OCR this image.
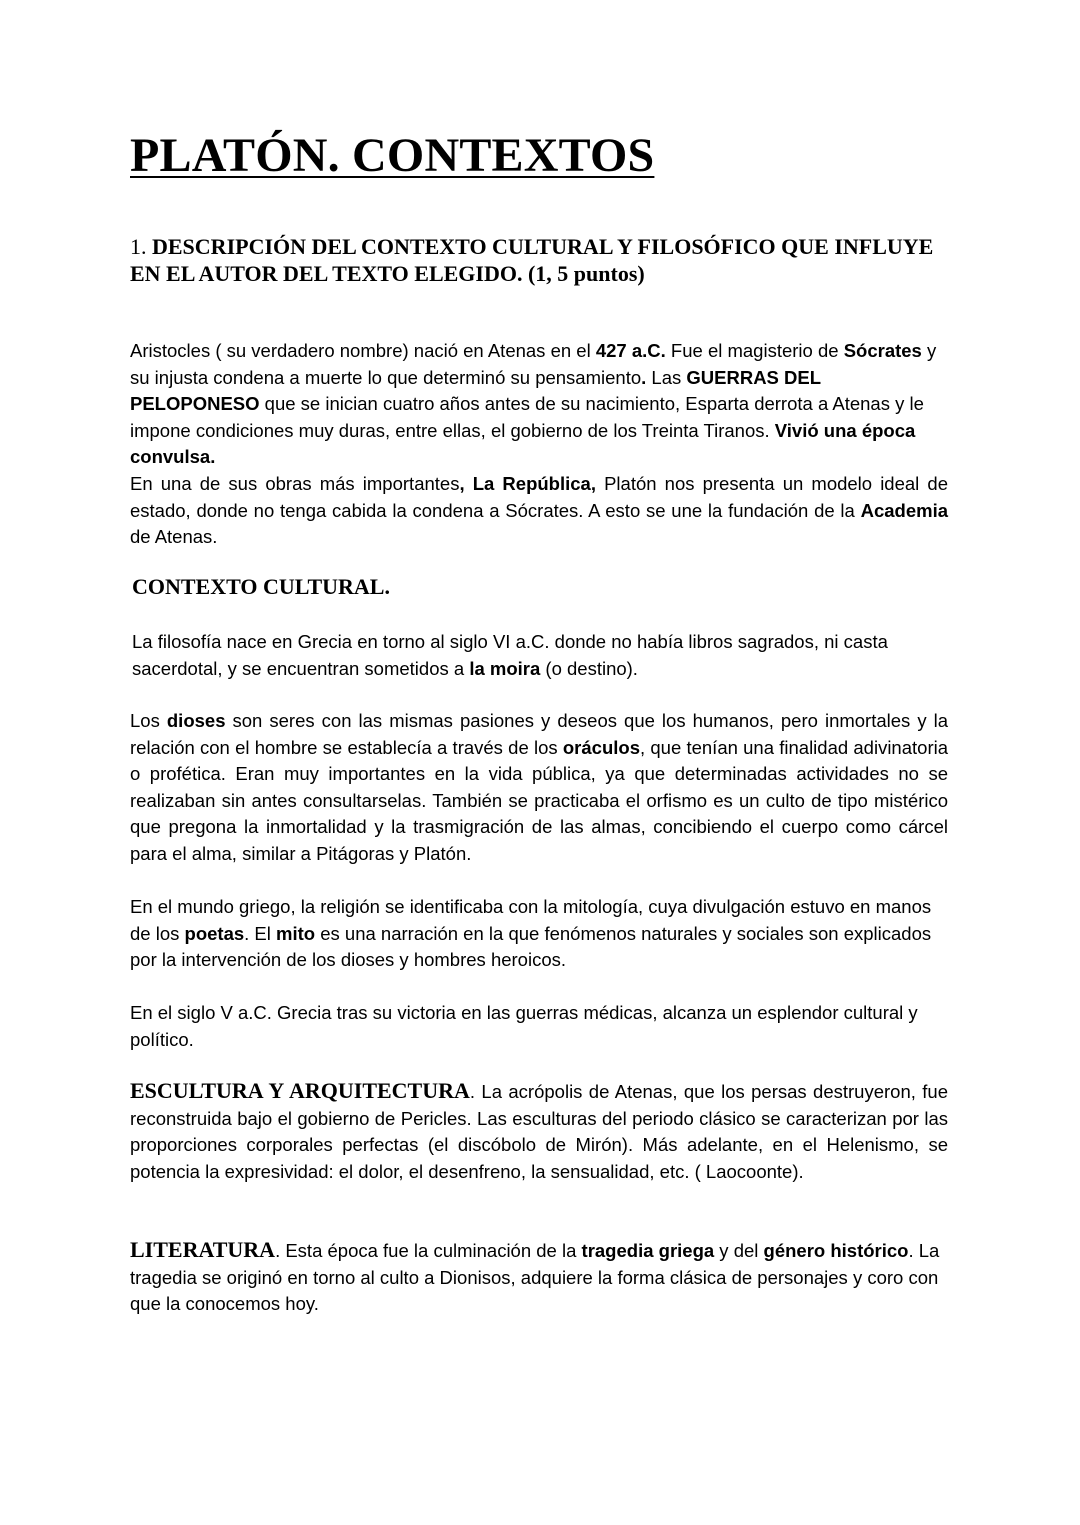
PLATÓN. CONTEXTOS

1. DESCRIPCIÓN DEL CONTEXTO CULTURAL Y FILOSÓFICO QUE INFLUYE EN EL AUTOR DEL TEXTO ELEGIDO. (1, 5 puntos)

Aristocles ( su verdadero nombre) nació en Atenas en el 427 a.C. Fue el magisterio de Sócrates y su injusta condena a muerte lo que determinó su pensamiento. Las GUERRAS DEL PELOPONESO que se inician cuatro años antes de su nacimiento, Esparta derrota a Atenas y le impone condiciones muy duras, entre ellas, el gobierno de los Treinta Tiranos. Vivió una época convulsa.

En una de sus obras más importantes, La República, Platón nos presenta un modelo ideal de estado, donde no tenga cabida la condena a Sócrates. A esto se une la fundación de la Academia de Atenas.

CONTEXTO CULTURAL.

La filosofía nace en Grecia en torno al siglo VI a.C. donde no había libros sagrados, ni casta sacerdotal, y se encuentran sometidos a la moira (o destino).

Los dioses son seres con las mismas pasiones y deseos que los humanos, pero inmortales y la relación con el hombre se establecía a través de los oráculos, que tenían una finalidad adivinatoria o profética. Eran muy importantes en la vida pública, ya que determinadas actividades no se realizaban sin antes consultarselas. También se practicaba el orfismo es un culto de tipo mistérico que pregona la inmortalidad y la trasmigración de las almas, concibiendo el cuerpo como cárcel para el alma, similar a Pitágoras y Platón.

En el mundo griego, la religión se identificaba con la mitología, cuya divulgación estuvo en manos de los poetas. El mito es una narración en la que fenómenos naturales y sociales son explicados por la intervención de los dioses y hombres heroicos.

En el siglo V a.C. Grecia tras su victoria en las guerras médicas, alcanza un esplendor cultural y político.

ESCULTURA Y ARQUITECTURA. La acrópolis de Atenas, que los persas destruyeron, fue reconstruida bajo el gobierno de Pericles. Las esculturas del periodo clásico se caracterizan por las proporciones corporales perfectas (el discóbolo de Mirón). Más adelante, en el Helenismo, se potencia la expresividad: el dolor, el desenfreno, la sensualidad, etc. ( Laocoonte).

LITERATURA. Esta época fue la culminación de la tragedia griega y del género histórico. La tragedia se originó en torno al culto a Dionisos, adquiere la forma clásica de personajes y coro con que la conocemos hoy.
